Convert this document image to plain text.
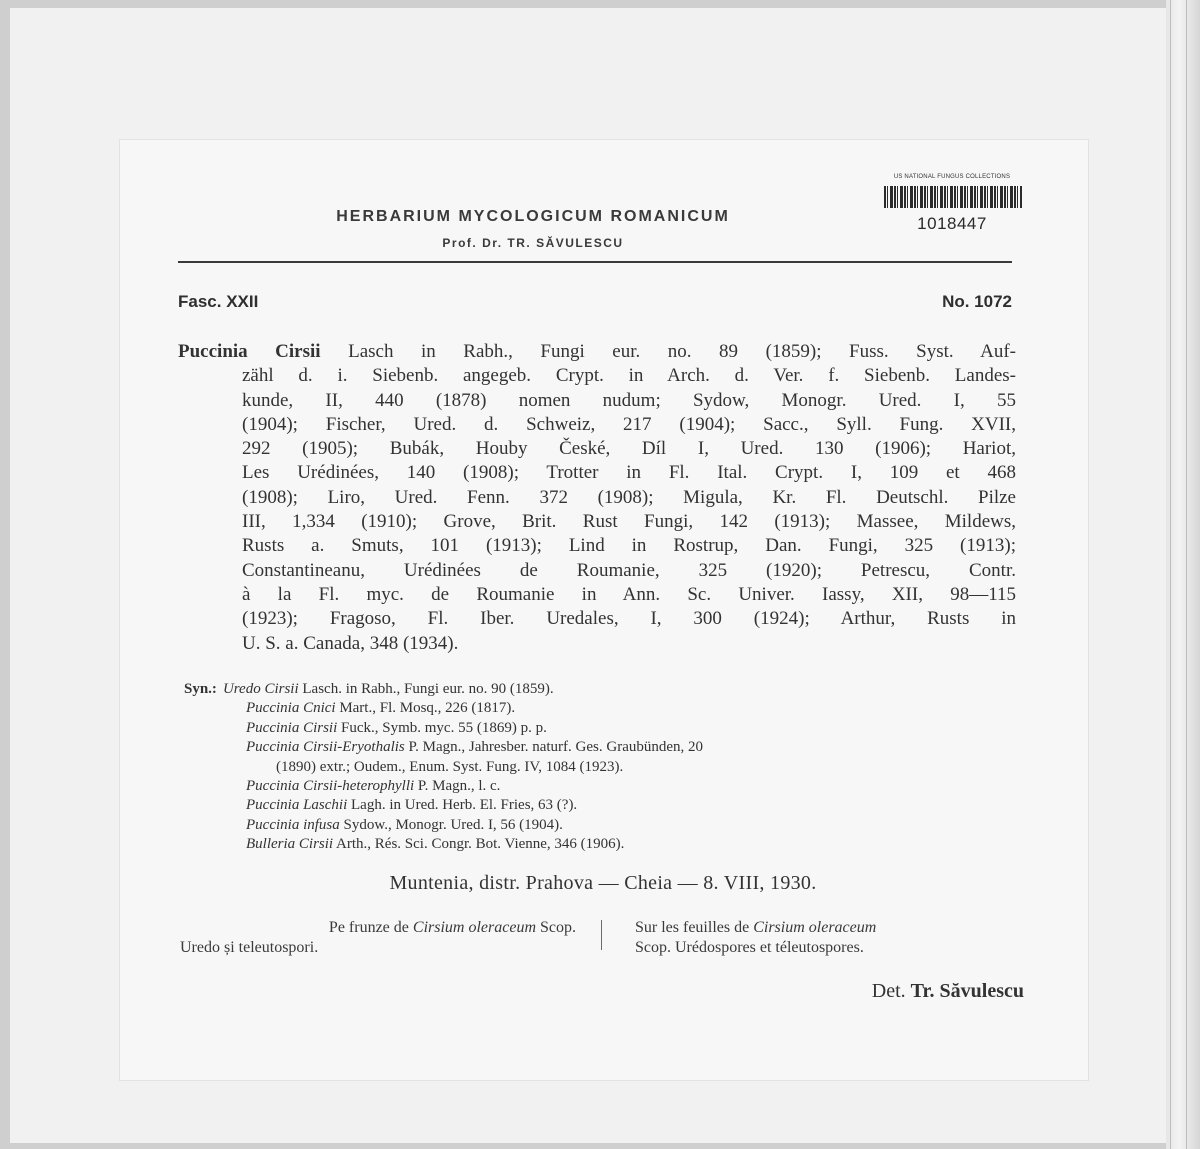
HERBARIUM MYCOLOGICUM ROMANICUM
Prof. Dr. TR. SĂVULESCU
US NATIONAL FUNGUS COLLECTIONS
1018447
Fasc. XXII	No. 1072
Puccinia Cirsii Lasch in Rabh., Fungi eur. no. 89 (1859); Fuss. Syst. Auf-
zähl d. i. Siebenb. angegeb. Crypt. in Arch. d. Ver. f. Siebenb. Landes-
kunde, II, 440 (1878) nomen nudum; Sydow, Monogr. Ured. I, 55
(1904); Fischer, Ured. d. Schweiz, 217 (1904); Sacc., Syll. Fung. XVII,
292 (1905); Bubák, Houby České, Díl I, Ured. 130 (1906); Hariot,
Les Urédinées, 140 (1908); Trotter in Fl. Ital. Crypt. I, 109 et 468
(1908); Liro, Ured. Fenn. 372 (1908); Migula, Kr. Fl. Deutschl. Pilze
III, 1,334 (1910); Grove, Brit. Rust Fungi, 142 (1913); Massee, Mildews,
Rusts a. Smuts, 101 (1913); Lind in Rostrup, Dan. Fungi, 325 (1913);
Constantineanu, Urédinées de Roumanie, 325 (1920); Petrescu, Contr.
à la Fl. myc. de Roumanie in Ann. Sc. Univer. Iassy, XII, 98—115
(1923); Fragoso, Fl. Iber. Uredales, I, 300 (1924); Arthur, Rusts in
U. S. a. Canada, 348 (1934).
Syn.: Uredo Cirsii Lasch. in Rabh., Fungi eur. no. 90 (1859).
Puccinia Cnici Mart., Fl. Mosq., 226 (1817).
Puccinia Cirsii Fuck., Symb. myc. 55 (1869) p. p.
Puccinia Cirsii-Eryothalis P. Magn., Jahresber. naturf. Ges. Graubünden, 20
(1890) extr.; Oudem., Enum. Syst. Fung. IV, 1084 (1923).
Puccinia Cirsii-heterophylli P. Magn., l. c.
Puccinia Laschii Lagh. in Ured. Herb. El. Fries, 63 (?).
Puccinia infusa Sydow., Monogr. Ured. I, 56 (1904).
Bulleria Cirsii Arth., Rés. Sci. Congr. Bot. Vienne, 346 (1906).
Muntenia, distr. Prahova — Cheia — 8. VIII, 1930.
Pe frunze de Cirsium oleraceum Scop.
Uredo și teleutospori.
Sur les feuilles de Cirsium oleraceum
Scop. Urédospores et téleutospores.
Det. Tr. Săvulescu
